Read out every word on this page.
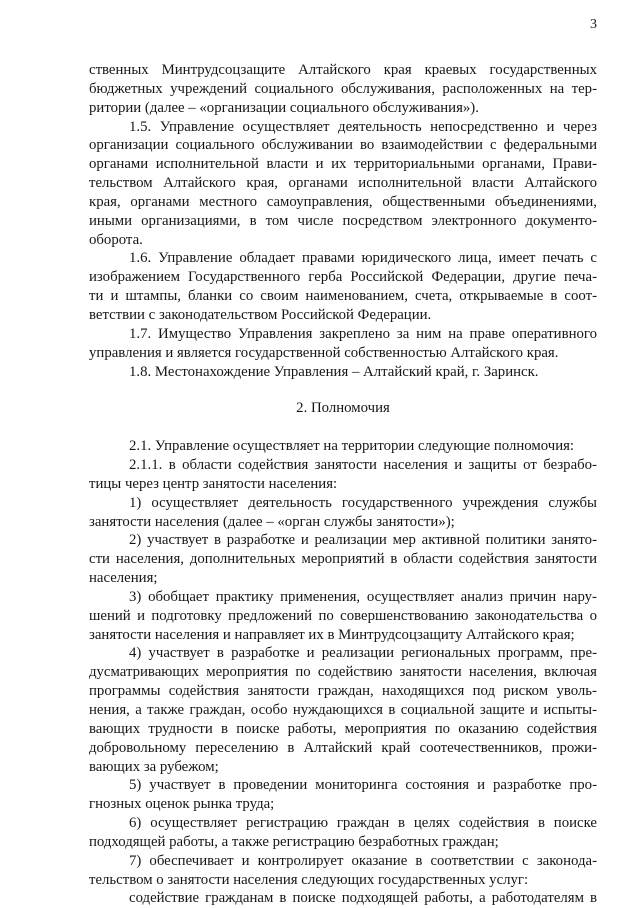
3
ственных Минтрудсоцзащите Алтайского края краевых государственных
бюджетных учреждений социального обслуживания, расположенных на тер-
ритории (далее – «организации социального обслуживания»).
1.5. Управление осуществляет деятельность непосредственно и через
организации социального обслуживании во взаимодействии с федеральными
органами исполнительной власти и их территориальными органами, Прави-
тельством Алтайского края, органами исполнительной власти Алтайского
края, органами местного самоуправления, общественными объединениями,
иными организациями, в том числе посредством электронного документо-
оборота.
1.6. Управление обладает правами юридического лица, имеет печать с
изображением Государственного герба Российской Федерации, другие печа-
ти и штампы, бланки со своим наименованием, счета, открываемые в соот-
ветствии с законодательством Российской Федерации.
1.7. Имущество Управления закреплено за ним на праве оперативного
управления и является государственной собственностью Алтайского края.
1.8. Местонахождение Управления – Алтайский край, г. Заринск.
2. Полномочия
2.1. Управление осуществляет на территории следующие полномочия:
2.1.1. в области содействия занятости населения и защиты от безрабо-
тицы через центр занятости населения:
1) осуществляет деятельность государственного учреждения службы
занятости населения (далее – «орган службы занятости»);
2) участвует в разработке и реализации мер активной политики занято-
сти населения, дополнительных мероприятий в области содействия занятости
населения;
3) обобщает практику применения, осуществляет анализ причин нару-
шений и подготовку предложений по совершенствованию законодательства о
занятости населения и направляет их в Минтрудсоцзащиту Алтайского края;
4) участвует в разработке и реализации региональных программ, пре-
дусматривающих мероприятия по содействию занятости населения, включая
программы содействия занятости граждан, находящихся под риском уволь-
нения, а также граждан, особо нуждающихся в социальной защите и испыты-
вающих трудности в поиске работы, мероприятия по оказанию содействия
добровольному переселению в Алтайский край соотечественников, прожи-
вающих за рубежом;
5) участвует в проведении мониторинга состояния и разработке про-
гнозных оценок рынка труда;
6) осуществляет регистрацию граждан в целях содействия в поиске
подходящей работы, а также регистрацию безработных граждан;
7) обеспечивает и контролирует оказание в соответствии с законода-
тельством о занятости населения следующих государственных услуг:
содействие гражданам в поиске подходящей работы, а работодателям в
